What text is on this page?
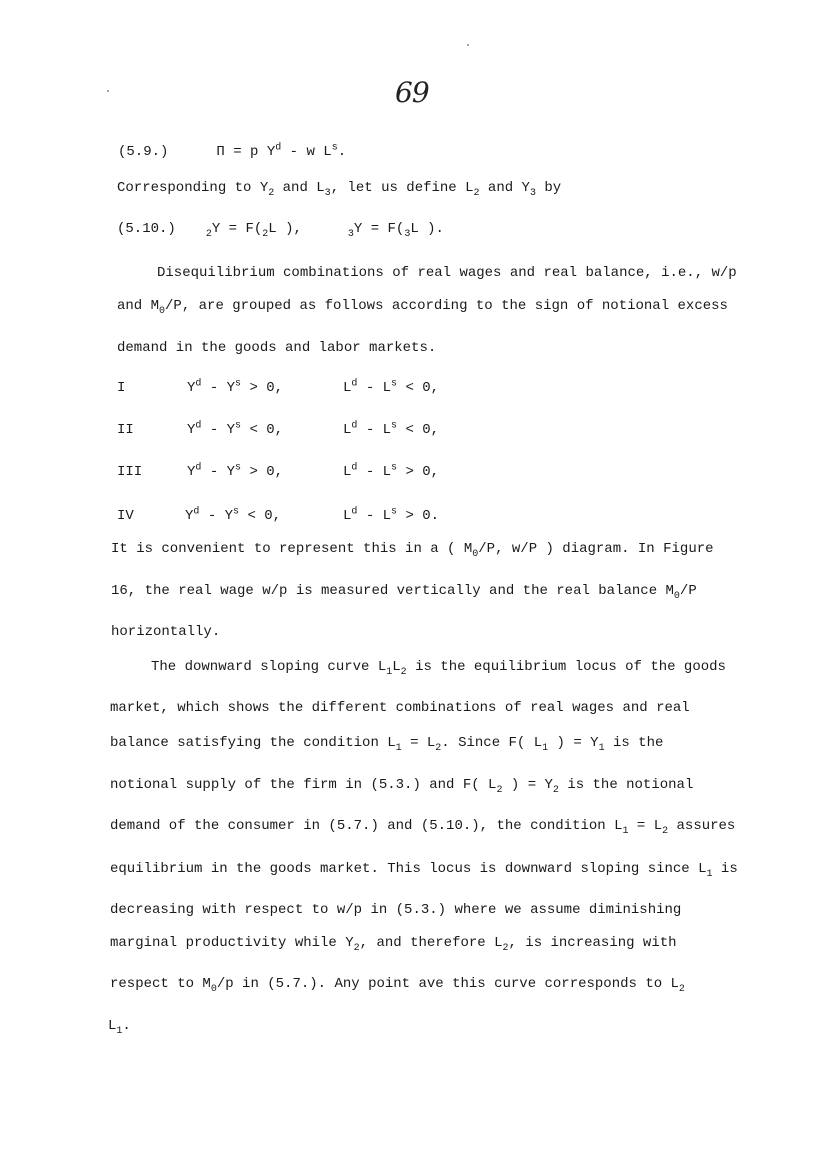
69
(5.9.)	Π = p $Y^d$ - w $L^s$.
Corresponding to $Y_2$ and $L_3$, let us define $L_2$ and $Y_3$ by
(5.10.)	$_2Y = F(_2L$ ),	$_3Y = F(_3L$ ).
Disequilibrium combinations of real wages and real balance, i.e., w/p
and $M_0/P$, are grouped as follows according to the sign of notional excess
demand in the goods and labor markets.
I	$Y^d - Y^s > 0$,	$L^d - L^s < 0$,
II	$Y^d - Y^s < 0$,	$L^d - L^s < 0$,
III	$Y^d - Y^s > 0$,	$L^d - L^s > 0$,
IV	$Y^d - Y^s < 0$,	$L^d - L^s > 0$.
It is convenient to represent this in a ( $M_0/P$, w/P ) diagram. In Figure
16, the real wage w/p is measured vertically and the real balance $M_0/P$
horizontally.
The downward sloping curve $L_1L_2$ is the equilibrium locus of the goods
market, which shows the different combinations of real wages and real
balance satisfying the condition $L_1 = L_2$. Since F( $L_1$ ) = $Y_1$ is the
notional supply of the firm in (5.3.) and F( $L_2$ ) = $Y_2$ is the notional
demand of the consumer in (5.7.) and (5.10.), the condition $L_1 = L_2$ assures
equilibrium in the goods market. This locus is downward sloping since $L_1$ is
decreasing with respect to w/p in (5.3.) where we assume diminishing
marginal productivity while $Y_2$, and therefore $L_2$, is increasing with
respect to $M_0/p$ in (5.7.). Any point ave this curve corresponds to $L_2$
$L_1$.
